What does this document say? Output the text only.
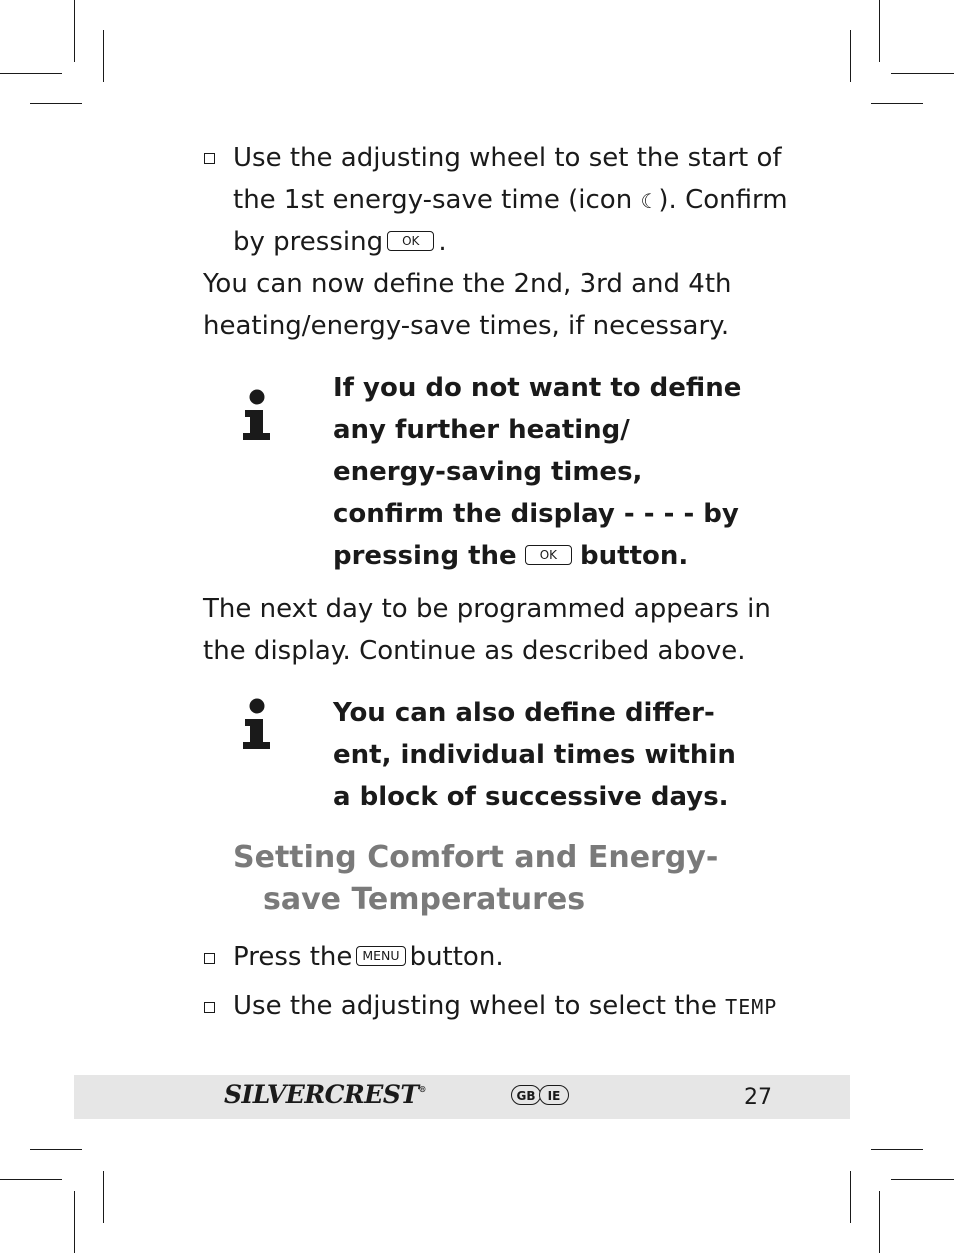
Use the adjusting wheel to set the start of
the 1st energy-save time (icon ☾). Confirm
by pressing OK .
You can now define the 2nd, 3rd and 4th
heating/energy-save times, if necessary.
If you do not want to define
any further heating/
energy-saving times,
confirm the display - - - - by
pressing the OK button.
The next day to be programmed appears in
the display. Continue as described above.
You can also define differ-
ent, individual times within
a block of successive days.
Setting Comfort and Energy-
save Temperatures
Press the MENU button.
Use the adjusting wheel to select the TEMP
SILVERCREST®	GB IE	27
